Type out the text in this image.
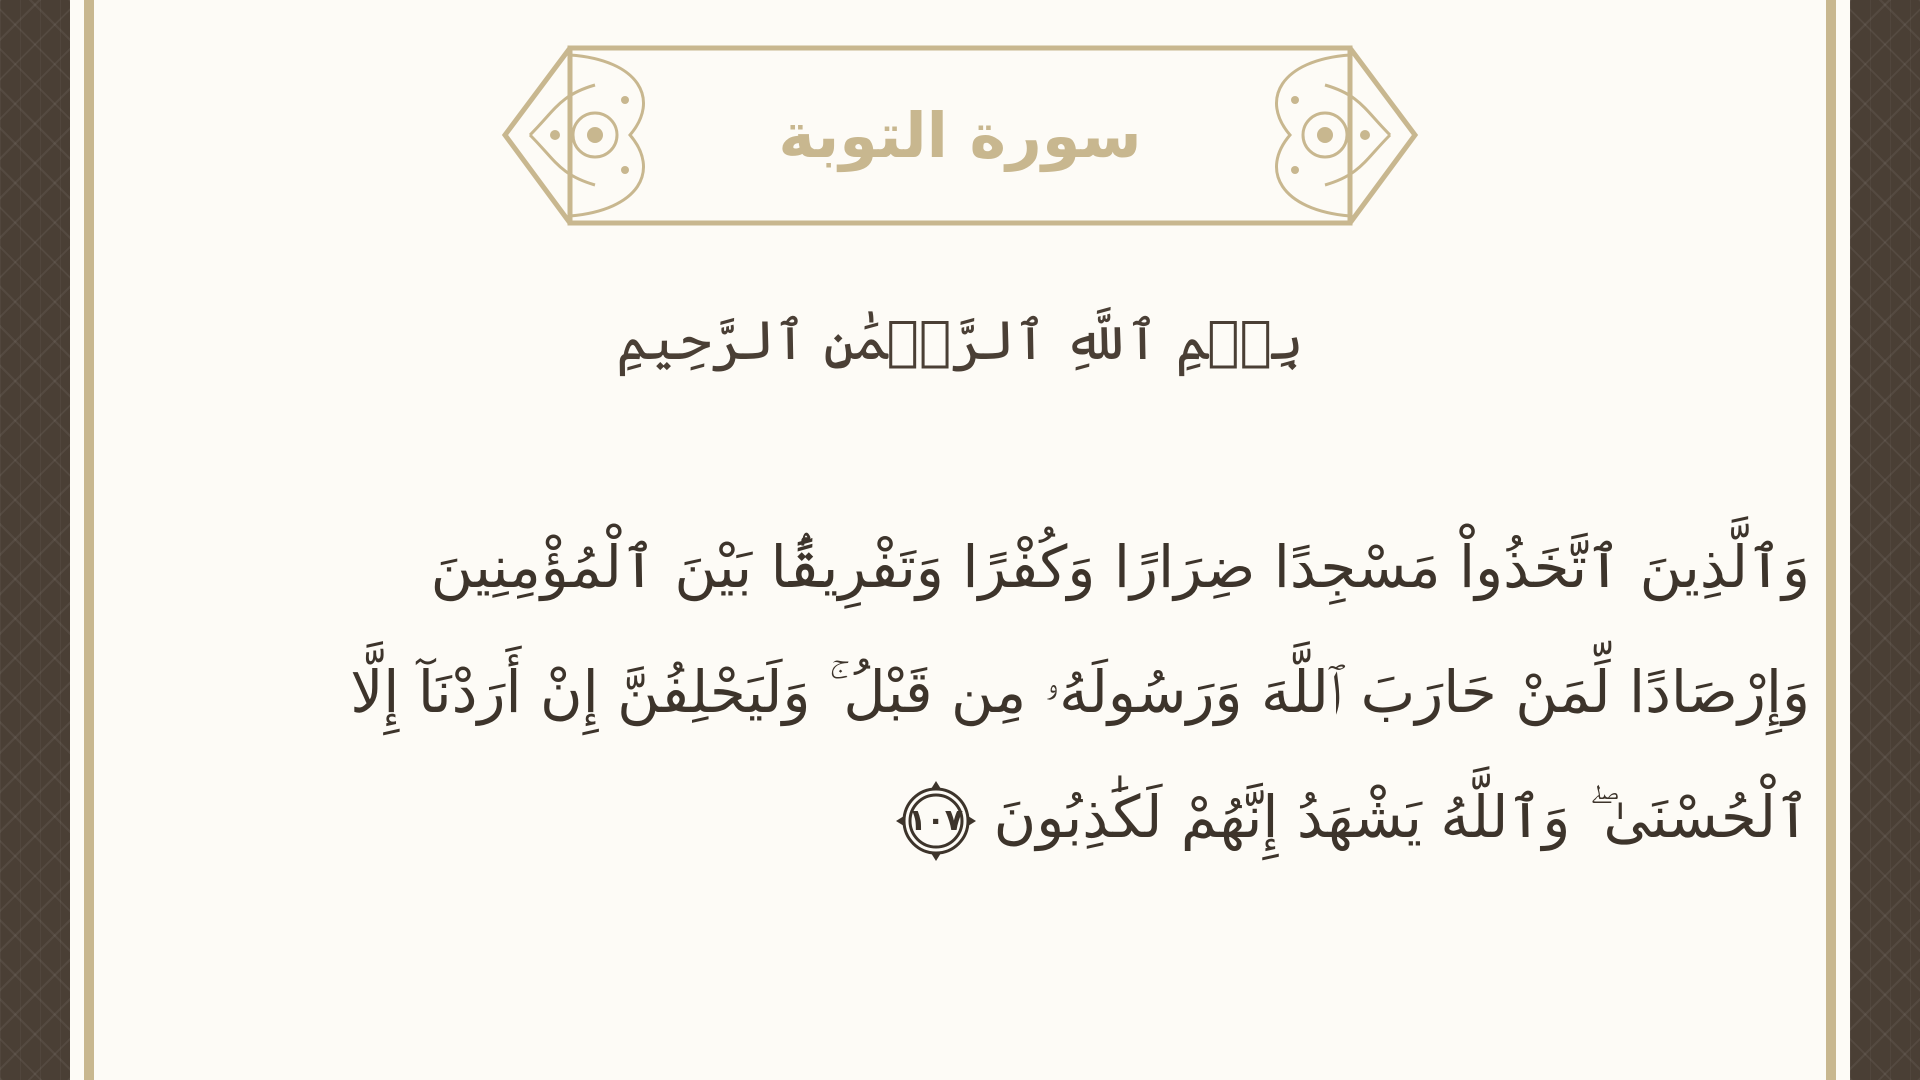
سورة التوبة
بِسۡمِ ٱللَّهِ ٱلرَّحۡمَٰنِ ٱلرَّحِيمِ
وَٱلَّذِينَ ٱتَّخَذُواْ مَسْجِدًا ضِرَارًا وَكُفْرًا وَتَفْرِيقًۢا بَيْنَ ٱلْمُؤْمِنِينَ
وَإِرْصَادًا لِّمَنْ حَارَبَ ٱللَّهَ وَرَسُولَهُۥ مِن قَبْلُ ۚ وَلَيَحْلِفُنَّ إِنْ أَرَدْنَآ إِلَّا
ٱلْحُسْنَىٰ ۖ وَٱللَّهُ يَشْهَدُ إِنَّهُمْ لَكَٰذِبُونَ
١٠٧
